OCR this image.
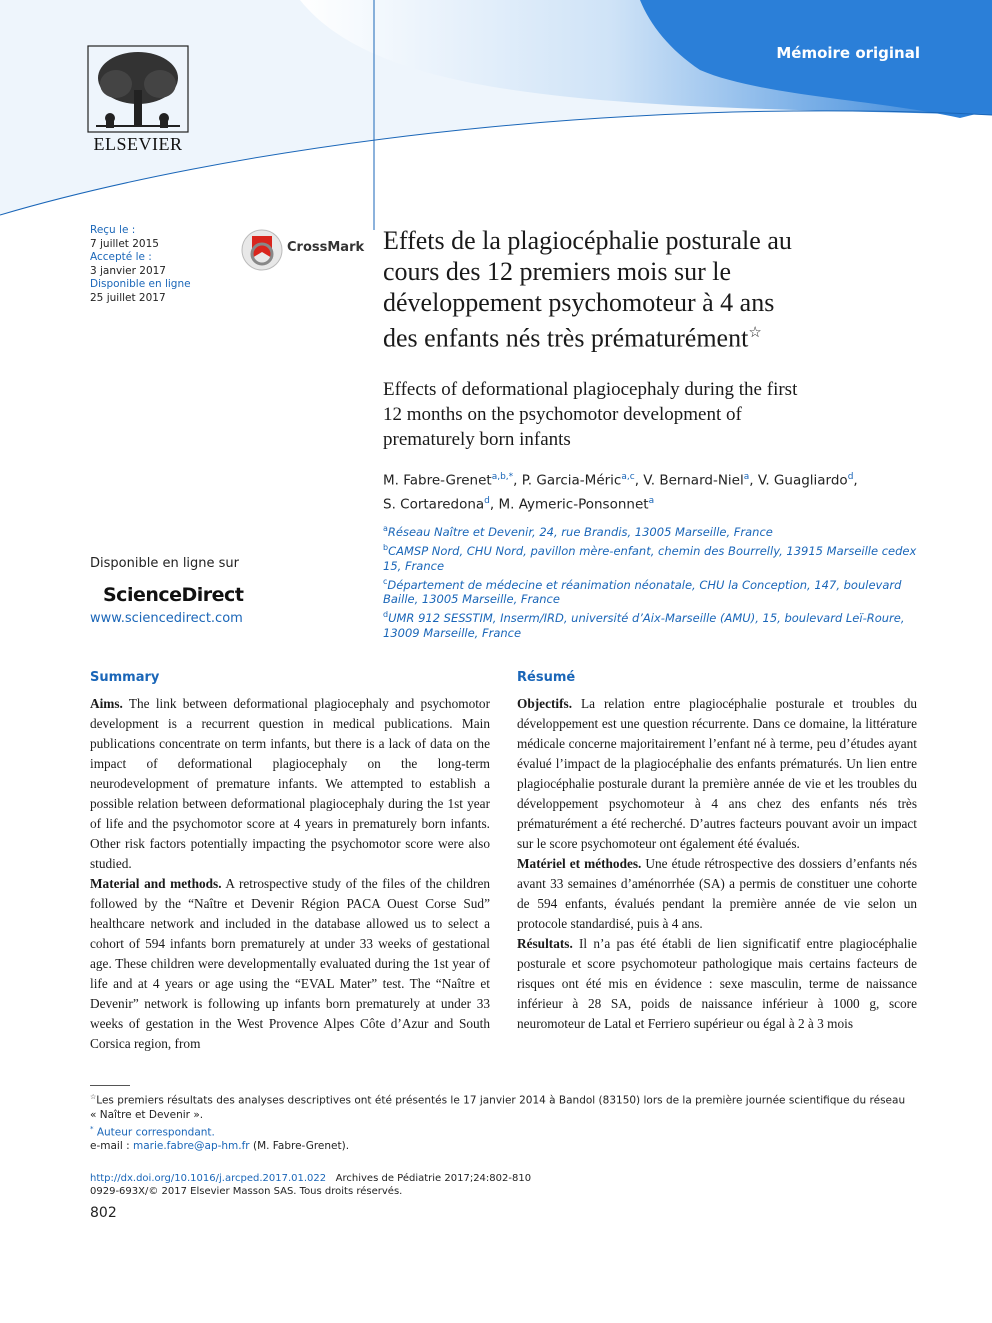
Mémoire original
ELSEVIER
Reçu le :
7 juillet 2015
Accepté le :
3 janvier 2017
Disponible en ligne
25 juillet 2017
CrossMark
Disponible en ligne sur
ScienceDirect
www.sciencedirect.com
Effets de la plagiocéphalie posturale au
cours des 12 premiers mois sur le
développement psychomoteur à 4 ans
des enfants nés très prématurément☆
Effects of deformational plagiocephaly during the first
12 months on the psychomotor development of
prematurely born infants
M. Fabre-Grenet$^{a,b,*}$, P. Garcia-Méric$^{a,c}$, V. Bernard-Niel$^a$, V. Guagliardo$^d$,
S. Cortaredona$^d$, M. Aymeric-Ponsonnet$^a$
$^a$Réseau Naître et Devenir, 24, rue Brandis, 13005 Marseille, France
$^b$CAMSP Nord, CHU Nord, pavillon mère-enfant, chemin des Bourrelly, 13915 Marseille cedex 15, France
$^c$Département de médecine et réanimation néonatale, CHU la Conception, 147, boulevard Baille, 13005 Marseille, France
$^d$UMR 912 SESSTIM, Inserm/IRD, université d’Aix-Marseille (AMU), 15, boulevard Leï-Roure, 13009 Marseille, France
Summary

Aims. The link between deformational plagiocephaly and psychomotor development is a recurrent question in medical publications. Main publications concentrate on term infants, but there is a lack of data on the impact of deformational plagiocephaly on the long-term neurodevelopment of premature infants. We attempted to establish a possible relation between deformational plagiocephaly during the 1st year of life and the psychomotor score at 4 years in prematurely born infants. Other risk factors potentially impacting the psychomotor score were also studied.

Material and methods. A retrospective study of the files of the children followed by the “Naître et Devenir Région PACA Ouest Corse Sud” healthcare network and included in the database allowed us to select a cohort of 594 infants born prematurely at under 33 weeks of gestational age. These children were developmentally evaluated during the 1st year of life and at 4 years or age using the “EVAL Mater” test. The “Naître et Devenir” network is following up infants born prematurely at under 33 weeks of gestation in the West Provence Alpes Côte d’Azur and South Corsica region, from

Résumé

Objectifs. La relation entre plagiocéphalie posturale et troubles du développement est une question récurrente. Dans ce domaine, la littérature médicale concerne majoritairement l’enfant né à terme, peu d’études ayant évalué l’impact de la plagiocéphalie des enfants prématurés. Un lien entre plagiocéphalie posturale durant la première année de vie et les troubles du développement psychomoteur à 4 ans chez des enfants nés très prématurément a été recherché. D’autres facteurs pouvant avoir un impact sur le score psychomoteur ont également été évalués.

Matériel et méthodes. Une étude rétrospective des dossiers d’enfants nés avant 33 semaines d’aménorrhée (SA) a permis de constituer une cohorte de 594 enfants, évalués pendant la première année de vie selon un protocole standardisé, puis à 4 ans.

Résultats. Il n’a pas été établi de lien significatif entre plagiocéphalie posturale et score psychomoteur pathologique mais certains facteurs de risques ont été mis en évidence : sexe masculin, terme de naissance inférieur à 28 SA, poids de naissance inférieur à 1000 g, score neuromoteur de Latal et Ferriero supérieur ou égal à 2 à 3 mois

☆Les premiers résultats des analyses descriptives ont été présentés le 17 janvier 2014 à Bandol (83150) lors de la première journée scientifique du réseau « Naître et Devenir ».
* Auteur correspondant.
e-mail : marie.fabre@ap-hm.fr (M. Fabre-Grenet).
http://dx.doi.org/10.1016/j.arcped.2017.01.022 Archives de Pédiatrie 2017;24:802-810
0929-693X/© 2017 Elsevier Masson SAS. Tous droits réservés.
802
